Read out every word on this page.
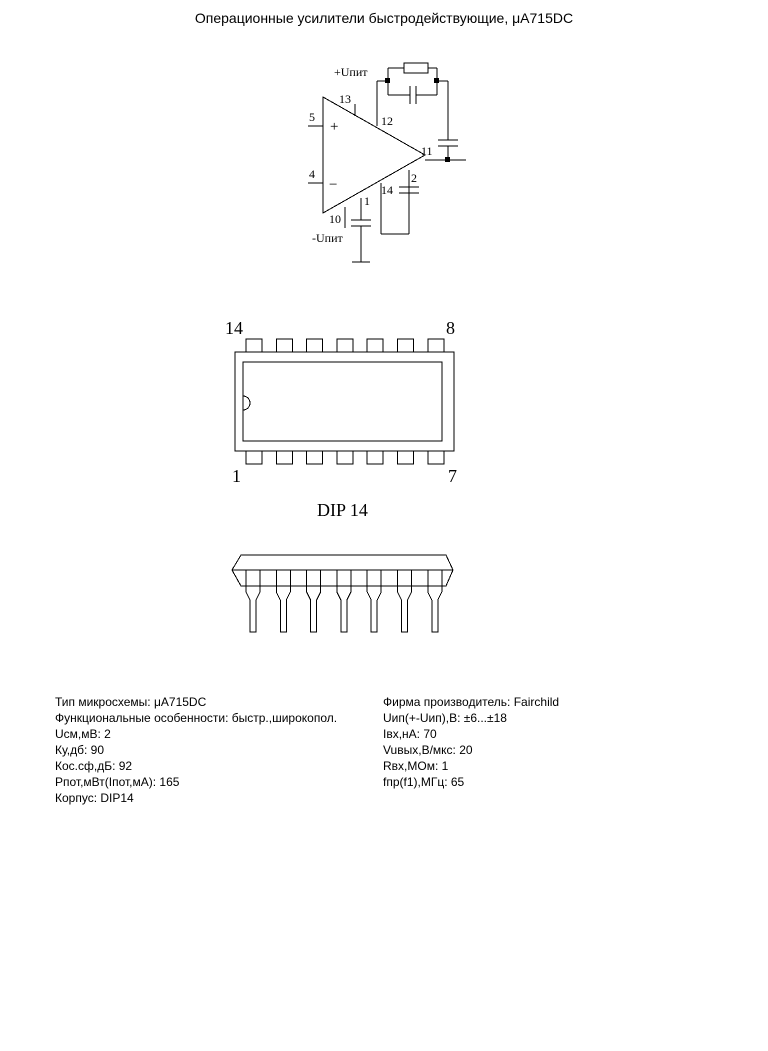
Операционные усилители быстродействующие, μA715DC
+
−
5
4
+Uпит
13
-Uпит
10
12
11
2
14
1
14	8
1	7
DIP 14
Тип микросхемы: μA715DC
Функциональные особенности: быстр.,широкопол.
Uсм,мВ: 2
Ку,дб: 90
Кос.сф,дБ: 92
Рпот,мВт(Iпот,мА): 165
Корпус: DIP14
Фирма производитель: Fairchild
Uип(+-Uип),В: ±6...±18
Iвх,нА: 70
Vuвых,В/мкс: 20
Rвх,МОм: 1
fпр(f1),МГц: 65
